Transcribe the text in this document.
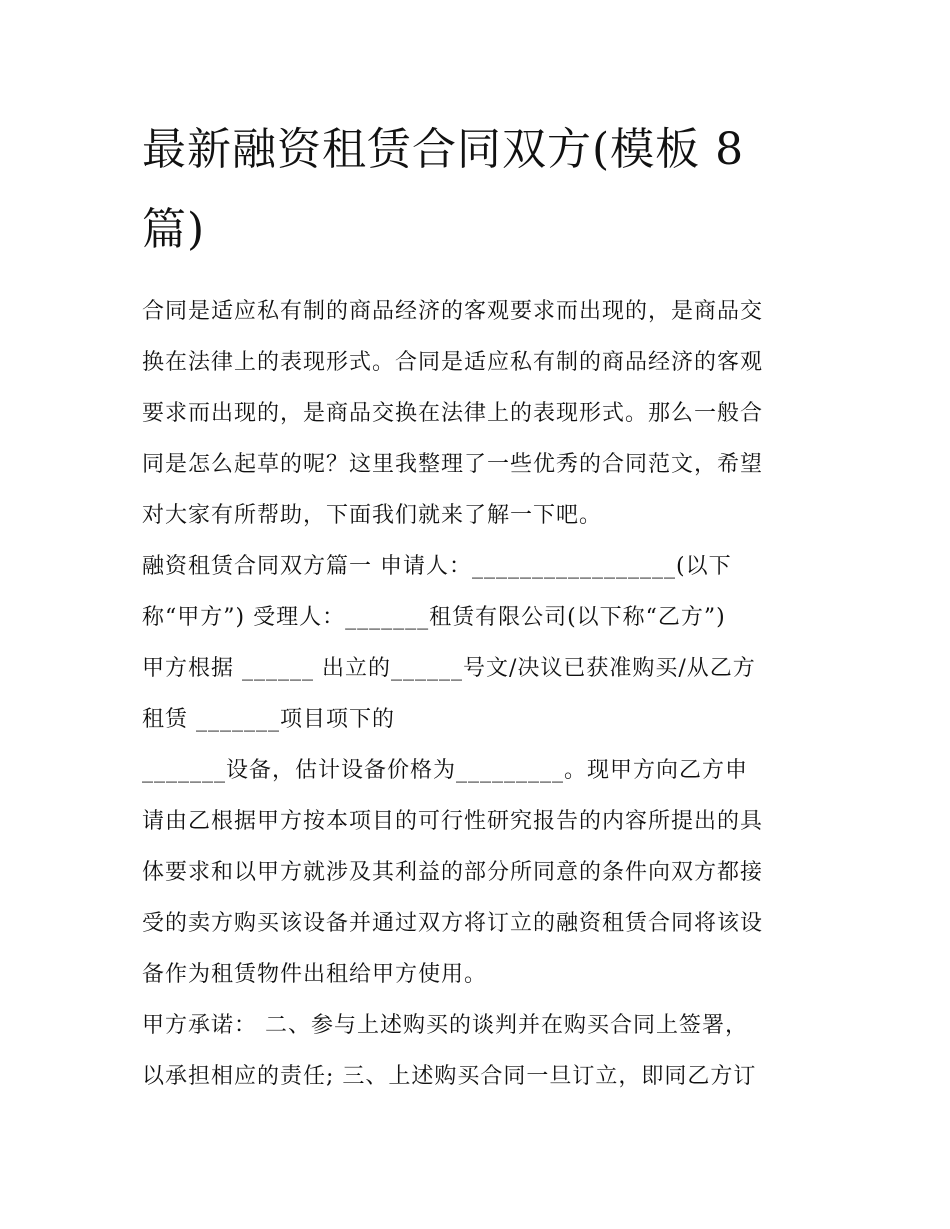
最新融资租赁合同双方(模板 8
篇)

合同是适应私有制的商品经济的客观要求而出现的，是商品交
换在法律上的表现形式。合同是适应私有制的商品经济的客观
要求而出现的，是商品交换在法律上的表现形式。那么一般合
同是怎么起草的呢？这里我整理了一些优秀的合同范文，希望
对大家有所帮助，下面我们就来了解一下吧。

融资租赁合同双方篇一 申请人：_________________(以下
称“甲方”) 受理人：_______租赁有限公司(以下称“乙方”)
甲方根据 ______ 出立的______号文/决议已获准购买/从乙方
租赁 _______项目项下的
_______设备，估计设备价格为_________。现甲方向乙方申
请由乙根据甲方按本项目的可行性研究报告的内容所提出的具
体要求和以甲方就涉及其利益的部分所同意的条件向双方都接
受的卖方购买该设备并通过双方将订立的融资租赁合同将该设
备作为租赁物件出租给甲方使用。
甲方承诺： 二、参与上述购买的谈判并在购买合同上签署，
以承担相应的责任; 三、上述购买合同一旦订立，即同乙方订
